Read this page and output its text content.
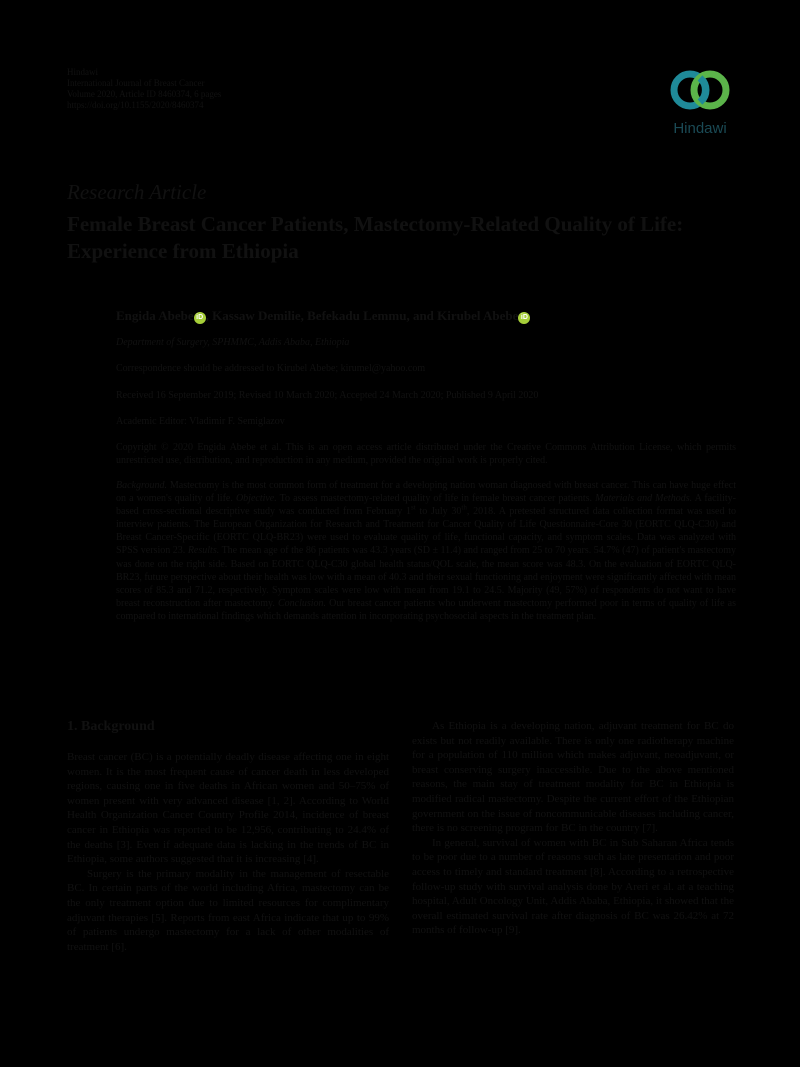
Hindawi
International Journal of Breast Cancer
Volume 2020, Article ID 8460374, 6 pages
https://doi.org/10.1155/2020/8460374
Hindawi
Research Article
Female Breast Cancer Patients, Mastectomy-Related Quality of Life: Experience from Ethiopia
Engida Abebe iD , Kassaw Demilie, Befekadu Lemmu, and Kirubel Abebe iD
Department of Surgery, SPHMMC, Addis Ababa, Ethiopia
Correspondence should be addressed to Kirubel Abebe; kirumel@yahoo.com
Received 16 September 2019; Revised 10 March 2020; Accepted 24 March 2020; Published 9 April 2020
Academic Editor: Vladimir F. Semiglazov
Copyright © 2020 Engida Abebe et al. This is an open access article distributed under the Creative Commons Attribution License, which permits unrestricted use, distribution, and reproduction in any medium, provided the original work is properly cited.
Background. Mastectomy is the most common form of treatment for a developing nation woman diagnosed with breast cancer. This can have huge effect on a women's quality of life. Objective. To assess mastectomy-related quality of life in female breast cancer patients. Materials and Methods. A facility-based cross-sectional descriptive study was conducted from February 1st to July 30th, 2018. A pretested structured data collection format was used to interview patients. The European Organization for Research and Treatment for Cancer Quality of Life Questionnaire-Core 30 (EORTC QLQ-C30) and Breast Cancer-Specific (EORTC QLQ-BR23) were used to evaluate quality of life, functional capacity, and symptom scales. Data was analyzed with SPSS version 23. Results. The mean age of the 86 patients was 43.3 years (SD ± 11.4) and ranged from 25 to 70 years. 54.7% (47) of patient's mastectomy was done on the right side. Based on EORTC QLQ-C30 global health status/QOL scale, the mean score was 48.3. On the evaluation of EORTC QLQ-BR23, future perspective about their health was low with a mean of 40.3 and their sexual functioning and enjoyment were significantly affected with mean scores of 85.3 and 71.2, respectively. Symptom scales were low with mean from 19.1 to 24.5. Majority (49, 57%) of respondents do not want to have breast reconstruction after mastectomy. Conclusion. Our breast cancer patients who underwent mastectomy performed poor in terms of quality of life as compared to international findings which demands attention in incorporating psychosocial aspects in the treatment plan.
1. Background

Breast cancer (BC) is a potentially deadly disease affecting one in eight women. It is the most frequent cause of cancer death in less developed regions, causing one in five deaths in African women and 50–75% of women present with very advanced disease [1, 2]. According to World Health Organization Cancer Country Profile 2014, incidence of breast cancer in Ethiopia was reported to be 12,956, contributing to 24.4% of the deaths [3]. Even if adequate data is lacking in the trends of BC in Ethiopia, some authors suggested that it is increasing [4].

Surgery is the primary modality in the management of resectable BC. In certain parts of the world including Africa, mastectomy can be the only treatment option due to limited resources for complimentary adjuvant therapies [5]. Reports from east Africa indicate that up to 99% of patients undergo mastectomy for a lack of other modalities of treatment [6].

As Ethiopia is a developing nation, adjuvant treatment for BC do exists but not readily available. There is only one radiotherapy machine for a population of 110 million which makes adjuvant, neoadjuvant, or breast conserving surgery inaccessible. Due to the above mentioned reasons, the main stay of treatment modality for BC in Ethiopia is modified radical mastectomy. Despite the current effort of the Ethiopian government on the issue of noncommunicable diseases including cancer, there is no screening program for BC in the country [7].

In general, survival of women with BC in Sub Saharan Africa tends to be poor due to a number of reasons such as late presentation and poor access to timely and standard treatment [8]. According to a retrospective follow-up study with survival analysis done by Areri et al. at a teaching hospital, Adult Oncology Unit, Addis Ababa, Ethiopia, it showed that the overall estimated survival rate after diagnosis of BC was 26.42% at 72 months of follow-up [9].
